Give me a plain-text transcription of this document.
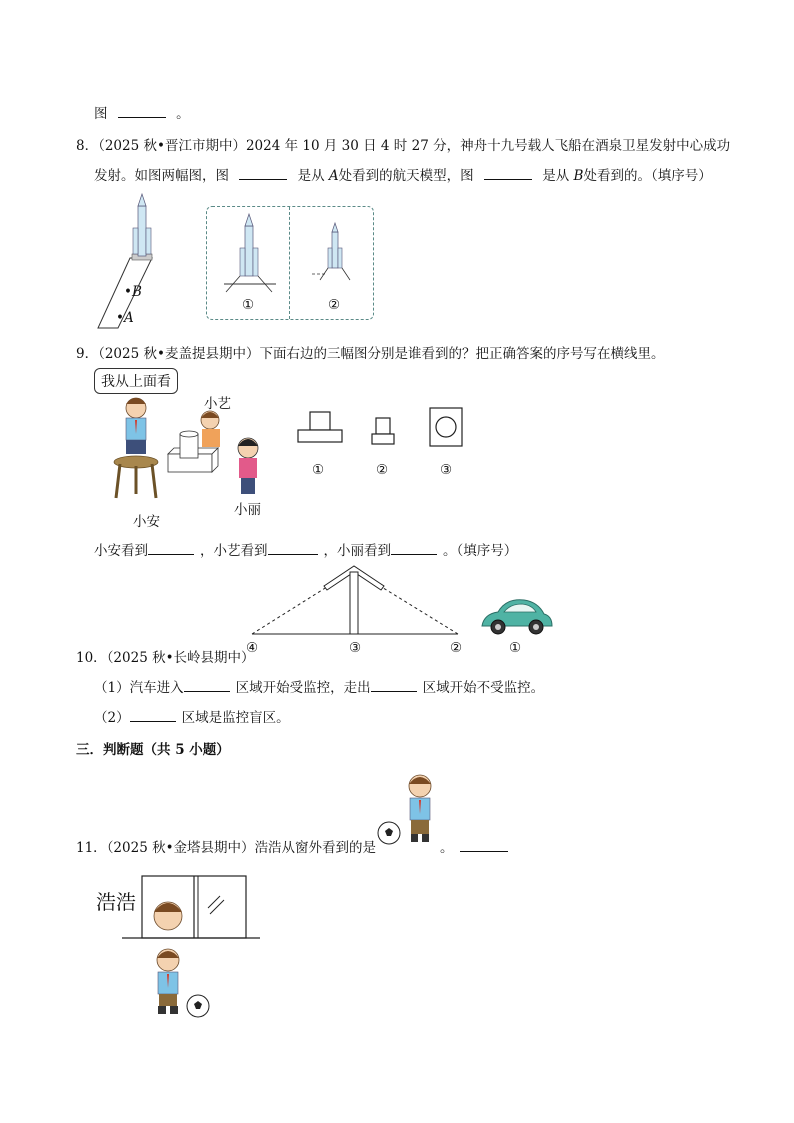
图	。
8．（2025 秋•晋江市期中）2024 年 10 月 30 日 4 时 27 分，神舟十九号载人飞船在酒泉卫星发射中心成功
发射。如图两幅图，图	是从 A处看到的航天模型，图	是从 B处看到的。（填序号）
•B
•A
①	②
9．（2025 秋•麦盖提县期中）下面右边的三幅图分别是谁看到的？把正确答案的序号写在横线里。
我从上面看
小艺
小安
小丽
①	②	③
小安看到	，小艺看到	，小丽看到	。（填序号）
④	③	②	①
10．（2025 秋•长岭县期中）
（1）汽车进入	区域开始受监控，走出	区域开始不受监控。
（2）	区域是监控盲区。
三．判断题（共 5 小题）
11．（2025 秋•金塔县期中）浩浩从窗外看到的是	。
浩浩
